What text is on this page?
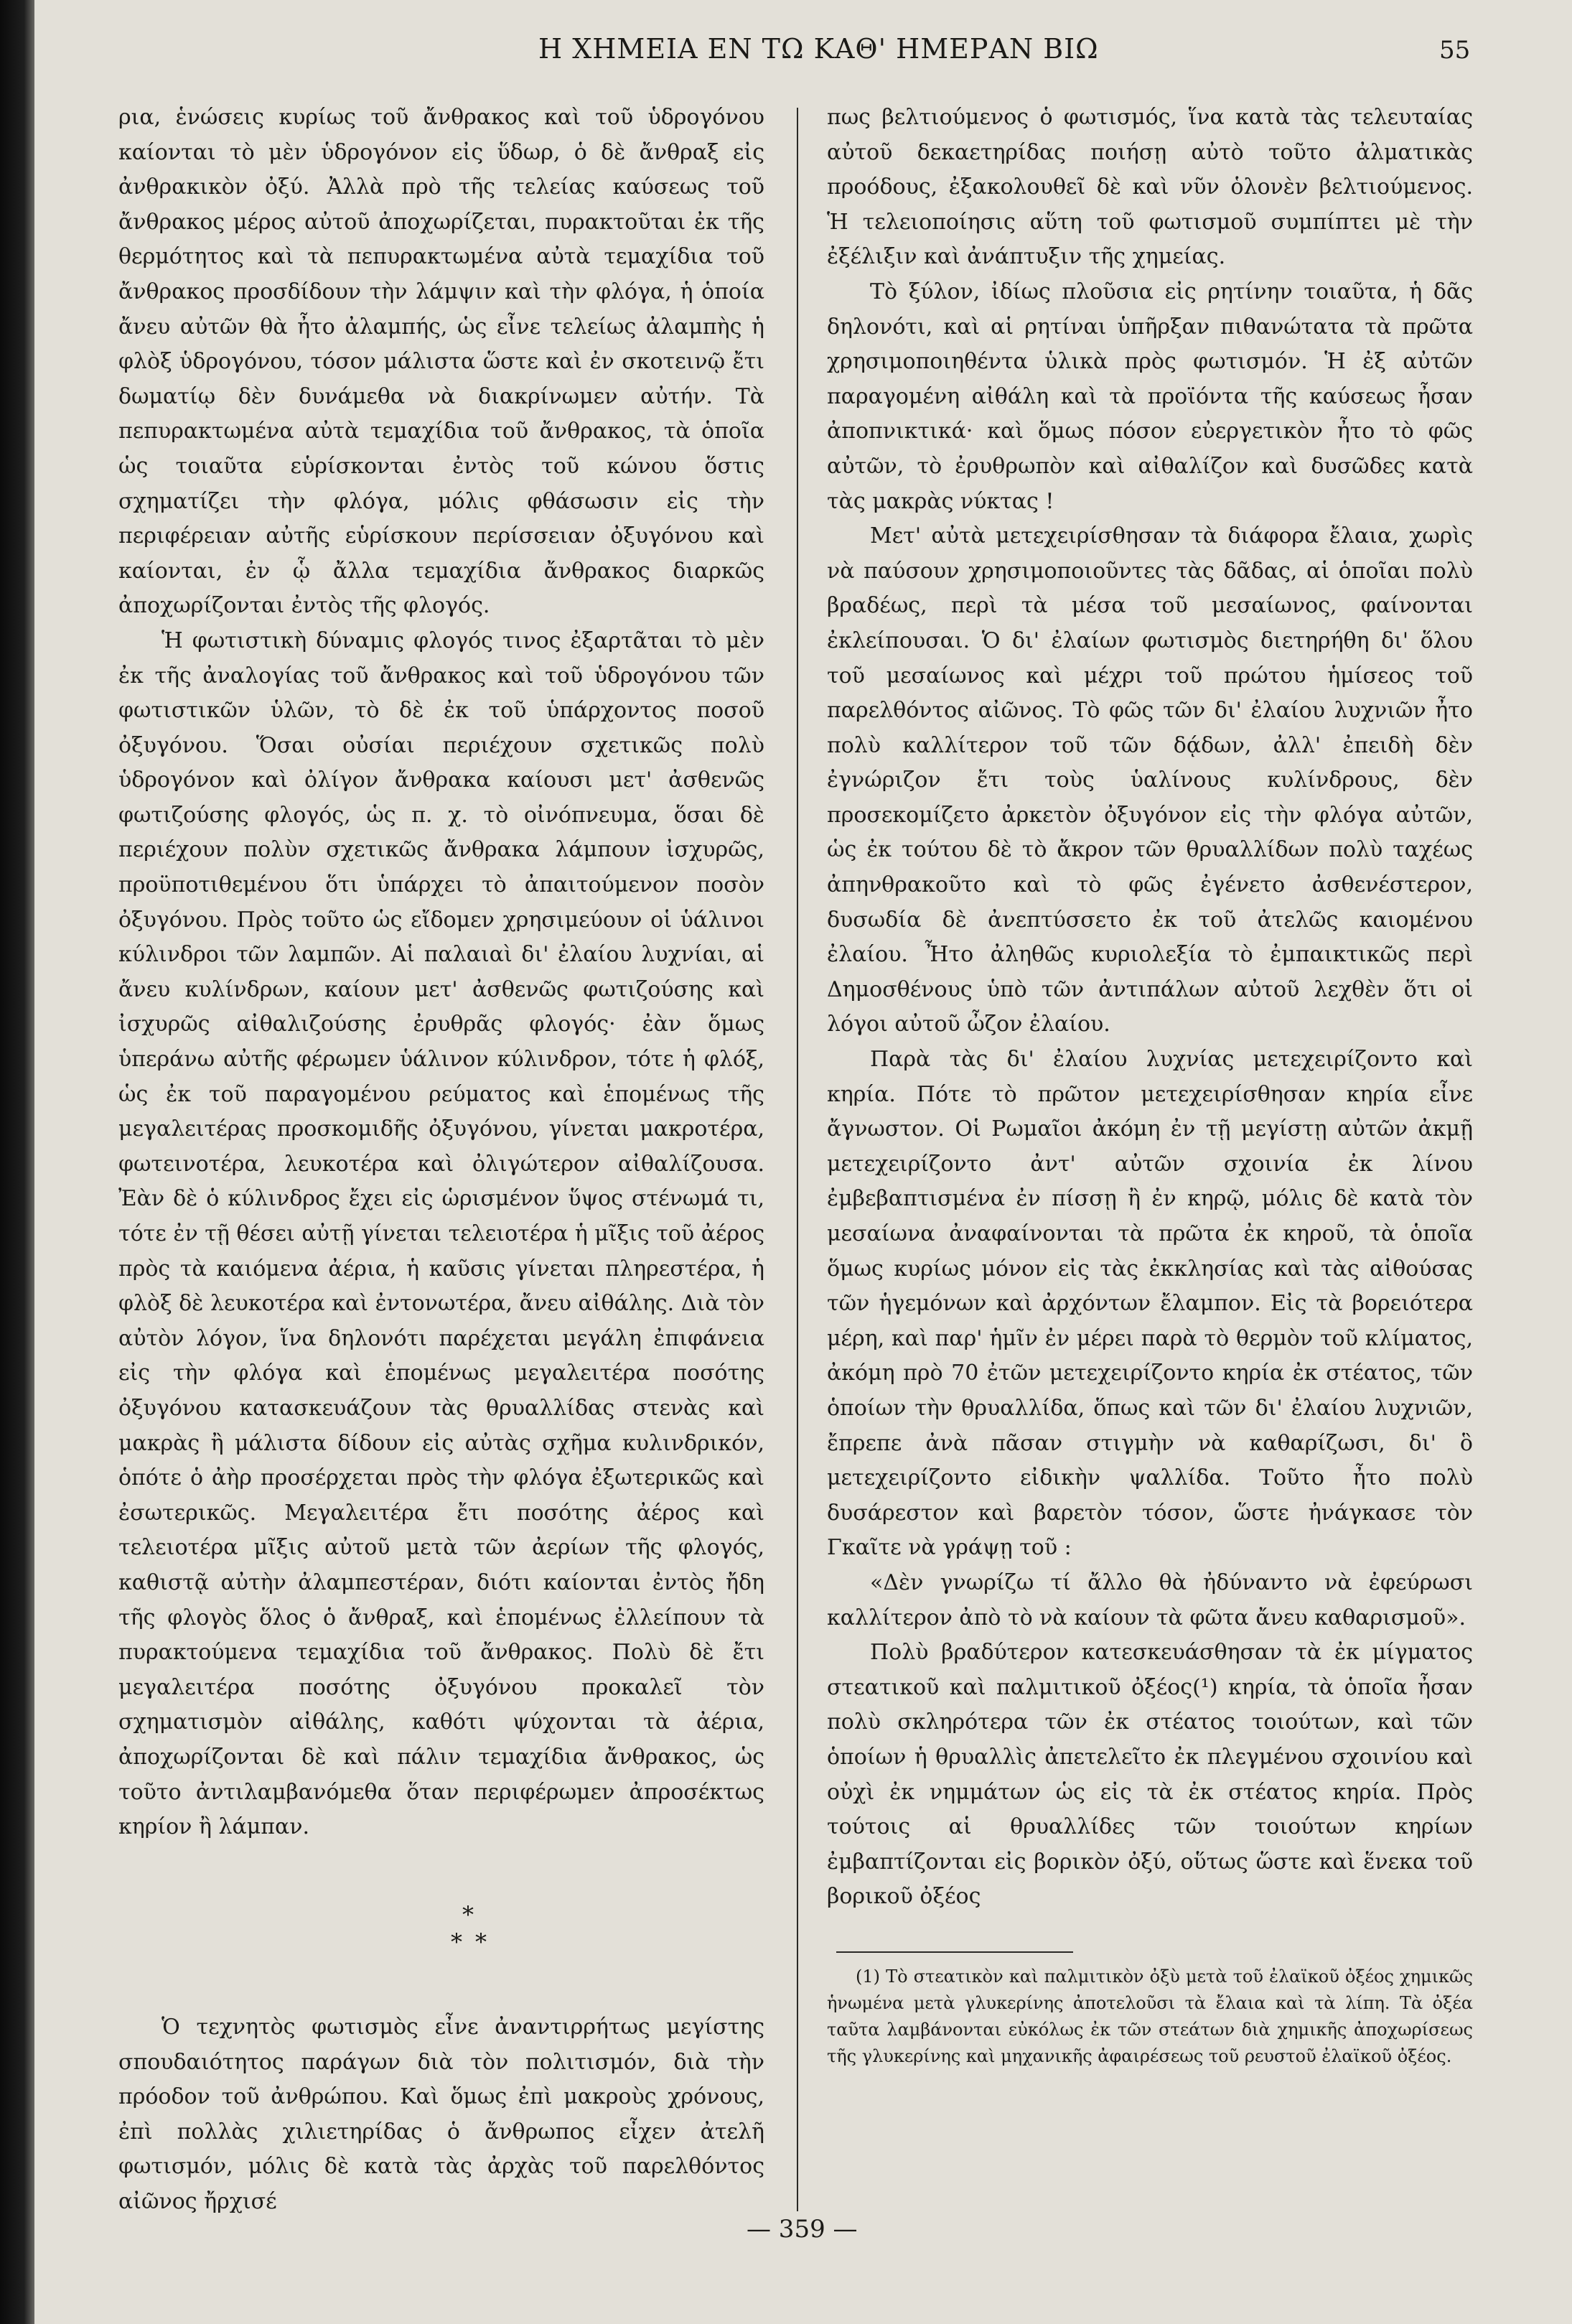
Η ΧΗΜΕΙΑ ΕΝ ΤΩ ΚΑΘ' ΗΜΕΡΑΝ ΒΙΩ	55

ρια, ἑνώσεις κυρίως τοῦ ἄνθρακος καὶ τοῦ ὑδρογόνου καίονται τὸ μὲν ὑδρογόνον εἰς ὕδωρ, ὁ δὲ ἄνθραξ εἰς ἀνθρακικὸν ὀξύ. Ἀλλὰ πρὸ τῆς τελείας καύσεως τοῦ ἄνθρακος μέρος αὐτοῦ ἀποχωρίζεται, πυρακτοῦται ἐκ τῆς θερμότητος καὶ τὰ πεπυρακτωμένα αὐτὰ τεμαχίδια τοῦ ἄνθρακος προσδίδουν τὴν λάμψιν καὶ τὴν φλόγα, ἡ ὁποία ἄνευ αὐτῶν θὰ ἦτο ἀλαμπής, ὡς εἶνε τελείως ἀλαμπὴς ἡ φλὸξ ὑδρογόνου, τόσον μάλιστα ὥστε καὶ ἐν σκοτεινῷ ἔτι δωματίῳ δὲν δυνάμεθα νὰ διακρίνωμεν αὐτήν. Τὰ πεπυρακτωμένα αὐτὰ τεμαχίδια τοῦ ἄνθρακος, τὰ ὁποῖα ὡς τοιαῦτα εὑρίσκονται ἐντὸς τοῦ κώνου ὅστις σχηματίζει τὴν φλόγα, μόλις φθάσωσιν εἰς τὴν περιφέρειαν αὐτῆς εὑρίσκουν περίσσειαν ὀξυγόνου καὶ καίονται, ἐν ᾧ ἄλλα τεμαχίδια ἄνθρακος διαρκῶς ἀποχωρίζονται ἐντὸς τῆς φλογός.

Ἡ φωτιστικὴ δύναμις φλογός τινος ἐξαρτᾶται τὸ μὲν ἐκ τῆς ἀναλογίας τοῦ ἄνθρακος καὶ τοῦ ὑδρογόνου τῶν φωτιστικῶν ὑλῶν, τὸ δὲ ἐκ τοῦ ὑπάρχοντος ποσοῦ ὀξυγόνου. Ὅσαι οὐσίαι περιέχουν σχετικῶς πολὺ ὑδρογόνον καὶ ὀλίγον ἄνθρακα καίουσι μετ' ἀσθενῶς φωτιζούσης φλογός, ὡς π. χ. τὸ οἰνόπνευμα, ὅσαι δὲ περιέχουν πολὺν σχετικῶς ἄνθρακα λάμπουν ἰσχυρῶς, προϋποτιθεμένου ὅτι ὑπάρχει τὸ ἀπαιτούμενον ποσὸν ὀξυγόνου. Πρὸς τοῦτο ὡς εἴδομεν χρησιμεύουν οἱ ὑάλινοι κύλινδροι τῶν λαμπῶν. Αἱ παλαιαὶ δι' ἐλαίου λυχνίαι, αἱ ἄνευ κυλίνδρων, καίουν μετ' ἀσθενῶς φωτιζούσης καὶ ἰσχυρῶς αἰθαλιζούσης ἐρυθρᾶς φλογός· ἐὰν ὅμως ὑπεράνω αὐτῆς φέρωμεν ὑάλινον κύλινδρον, τότε ἡ φλόξ, ὡς ἐκ τοῦ παραγομένου ρεύματος καὶ ἑπομένως τῆς μεγαλειτέρας προσκομιδῆς ὀξυγόνου, γίνεται μακροτέρα, φωτεινοτέρα, λευκοτέρα καὶ ὀλιγώτερον αἰθαλίζουσα. Ἐὰν δὲ ὁ κύλινδρος ἔχει εἰς ὡρισμένον ὕψος στένωμά τι, τότε ἐν τῇ θέσει αὐτῇ γίνεται τελειοτέρα ἡ μῖξις τοῦ ἀέρος πρὸς τὰ καιόμενα ἀέρια, ἡ καῦσις γίνεται πληρεστέρα, ἡ φλὸξ δὲ λευκοτέρα καὶ ἐντονωτέρα, ἄνευ αἰθάλης. Διὰ τὸν αὐτὸν λόγον, ἵνα δηλονότι παρέχεται μεγάλη ἐπιφάνεια εἰς τὴν φλόγα καὶ ἑπομένως μεγαλειτέρα ποσότης ὀξυγόνου κατασκευάζουν τὰς θρυαλλίδας στενὰς καὶ μακρὰς ἢ μάλιστα δίδουν εἰς αὐτὰς σχῆμα κυλινδρικόν, ὁπότε ὁ ἀὴρ προσέρχεται πρὸς τὴν φλόγα ἐξωτερικῶς καὶ ἐσωτερικῶς. Μεγαλειτέρα ἔτι ποσότης ἀέρος καὶ τελειοτέρα μῖξις αὐτοῦ μετὰ τῶν ἀερίων τῆς φλογός, καθιστᾷ αὐτὴν ἀλαμπεστέραν, διότι καίονται ἐντὸς ἤδη τῆς φλογὸς ὅλος ὁ ἄνθραξ, καὶ ἑπομένως ἐλλείπουν τὰ πυρακτούμενα τεμαχίδια τοῦ ἄνθρακος. Πολὺ δὲ ἔτι μεγαλειτέρα ποσότης ὀξυγόνου προκαλεῖ τὸν σχηματισμὸν αἰθάλης, καθότι ψύχονται τὰ ἀέρια, ἀποχωρίζονται δὲ καὶ πάλιν τεμαχίδια ἄνθρακος, ὡς τοῦτο ἀντιλαμβανόμεθα ὅταν περιφέρωμεν ἀπροσέκτως κηρίον ἢ λάμπαν.

*
* *

Ὁ τεχνητὸς φωτισμὸς εἶνε ἀναντιρρήτως μεγίστης σπουδαιότητος παράγων διὰ τὸν πολιτισμόν, διὰ τὴν πρόοδον τοῦ ἀνθρώπου. Καὶ ὅμως ἐπὶ μακροὺς χρόνους, ἐπὶ πολλὰς χιλιετηρίδας ὁ ἄνθρωπος εἶχεν ἀτελῆ φωτισμόν, μόλις δὲ κατὰ τὰς ἀρχὰς τοῦ παρελθόντος αἰῶνος ἤρχισέ

πως βελτιούμενος ὁ φωτισμός, ἵνα κατὰ τὰς τελευταίας αὐτοῦ δεκαετηρίδας ποιήσῃ αὐτὸ τοῦτο ἀλματικὰς προόδους, ἐξακολουθεῖ δὲ καὶ νῦν ὁλονὲν βελτιούμενος. Ἡ τελειοποίησις αὕτη τοῦ φωτισμοῦ συμπίπτει μὲ τὴν ἐξέλιξιν καὶ ἀνάπτυξιν τῆς χημείας.

Τὸ ξύλον, ἰδίως πλοῦσια εἰς ρητίνην τοιαῦτα, ἡ δᾶς δηλονότι, καὶ αἱ ρητίναι ὑπῆρξαν πιθανώτατα τὰ πρῶτα χρησιμοποιηθέντα ὑλικὰ πρὸς φωτισμόν. Ἡ ἐξ αὐτῶν παραγομένη αἰθάλη καὶ τὰ προϊόντα τῆς καύσεως ἦσαν ἀποπνικτικά· καὶ ὅμως πόσον εὐεργετικὸν ἦτο τὸ φῶς αὐτῶν, τὸ ἐρυθρωπὸν καὶ αἰθαλίζον καὶ δυσῶδες κατὰ τὰς μακρὰς νύκτας !

Μετ' αὐτὰ μετεχειρίσθησαν τὰ διάφορα ἔλαια, χωρὶς νὰ παύσουν χρησιμοποιοῦντες τὰς δᾶδας, αἱ ὁποῖαι πολὺ βραδέως, περὶ τὰ μέσα τοῦ μεσαίωνος, φαίνονται ἐκλείπουσαι. Ὁ δι' ἐλαίων φωτισμὸς διετηρήθη δι' ὅλου τοῦ μεσαίωνος καὶ μέχρι τοῦ πρώτου ἡμίσεος τοῦ παρελθόντος αἰῶνος. Τὸ φῶς τῶν δι' ἐλαίου λυχνιῶν ἦτο πολὺ καλλίτερον τοῦ τῶν δᾴδων, ἀλλ' ἐπειδὴ δὲν ἐγνώριζον ἔτι τοὺς ὑαλίνους κυλίνδρους, δὲν προσεκομίζετο ἀρκετὸν ὀξυγόνον εἰς τὴν φλόγα αὐτῶν, ὡς ἐκ τούτου δὲ τὸ ἄκρον τῶν θρυαλλίδων πολὺ ταχέως ἀπηνθρακοῦτο καὶ τὸ φῶς ἐγένετο ἀσθενέστερον, δυσωδία δὲ ἀνεπτύσσετο ἐκ τοῦ ἀτελῶς καιομένου ἐλαίου. Ἦτο ἀληθῶς κυριολεξία τὸ ἐμπαικτικῶς περὶ Δημοσθένους ὑπὸ τῶν ἀντιπάλων αὐτοῦ λεχθὲν ὅτι οἱ λόγοι αὐτοῦ ὦζον ἐλαίου.

Παρὰ τὰς δι' ἐλαίου λυχνίας μετεχειρίζοντο καὶ κηρία. Πότε τὸ πρῶτον μετεχειρίσθησαν κηρία εἶνε ἄγνωστον. Οἱ Ρωμαῖοι ἀκόμη ἐν τῇ μεγίστῃ αὐτῶν ἀκμῇ μετεχειρίζοντο ἀντ' αὐτῶν σχοινία ἐκ λίνου ἐμβεβαπτισμένα ἐν πίσσῃ ἢ ἐν κηρῷ, μόλις δὲ κατὰ τὸν μεσαίωνα ἀναφαίνονται τὰ πρῶτα ἐκ κηροῦ, τὰ ὁποῖα ὅμως κυρίως μόνον εἰς τὰς ἐκκλησίας καὶ τὰς αἰθούσας τῶν ἡγεμόνων καὶ ἀρχόντων ἔλαμπον. Εἰς τὰ βορειότερα μέρη, καὶ παρ' ἡμῖν ἐν μέρει παρὰ τὸ θερμὸν τοῦ κλίματος, ἀκόμη πρὸ 70 ἐτῶν μετεχειρίζοντο κηρία ἐκ στέατος, τῶν ὁποίων τὴν θρυαλλίδα, ὅπως καὶ τῶν δι' ἐλαίου λυχνιῶν, ἔπρεπε ἀνὰ πᾶσαν στιγμὴν νὰ καθαρίζωσι, δι' ὃ μετεχειρίζοντο εἰδικὴν ψαλλίδα. Τοῦτο ἦτο πολὺ δυσάρεστον καὶ βαρετὸν τόσον, ὥστε ἠνάγκασε τὸν Γκαῖτε νὰ γράψῃ τοῦ :

«Δὲν γνωρίζω τί ἄλλο θὰ ἠδύναντο νὰ ἐφεύρωσι καλλίτερον ἀπὸ τὸ νὰ καίουν τὰ φῶτα ἄνευ καθαρισμοῦ».

Πολὺ βραδύτερον κατεσκευάσθησαν τὰ ἐκ μίγματος στεατικοῦ καὶ παλμιτικοῦ ὀξέος(¹) κηρία, τὰ ὁποῖα ἦσαν πολὺ σκληρότερα τῶν ἐκ στέατος τοιούτων, καὶ τῶν ὁποίων ἡ θρυαλλὶς ἀπετελεῖτο ἐκ πλεγμένου σχοινίου καὶ οὐχὶ ἐκ νημμάτων ὡς εἰς τὰ ἐκ στέατος κηρία. Πρὸς τούτοις αἱ θρυαλλίδες τῶν τοιούτων κηρίων ἐμβαπτίζονται εἰς βορικὸν ὀξύ, οὕτως ὥστε καὶ ἕνεκα τοῦ βορικοῦ ὀξέος

(1) Τὸ στεατικὸν καὶ παλμιτικὸν ὀξὺ μετὰ τοῦ ἐλαϊκοῦ ὀξέος χημικῶς ἡνωμένα μετὰ γλυκερίνης ἀποτελοῦσι τὰ ἔλαια καὶ τὰ λίπη. Τὰ ὀξέα ταῦτα λαμβάνονται εὐκόλως ἐκ τῶν στεάτων διὰ χημικῆς ἀποχωρίσεως τῆς γλυκερίνης καὶ μηχανικῆς ἀφαιρέσεως τοῦ ρευστοῦ ἐλαϊκοῦ ὀξέος.

— 359 —
